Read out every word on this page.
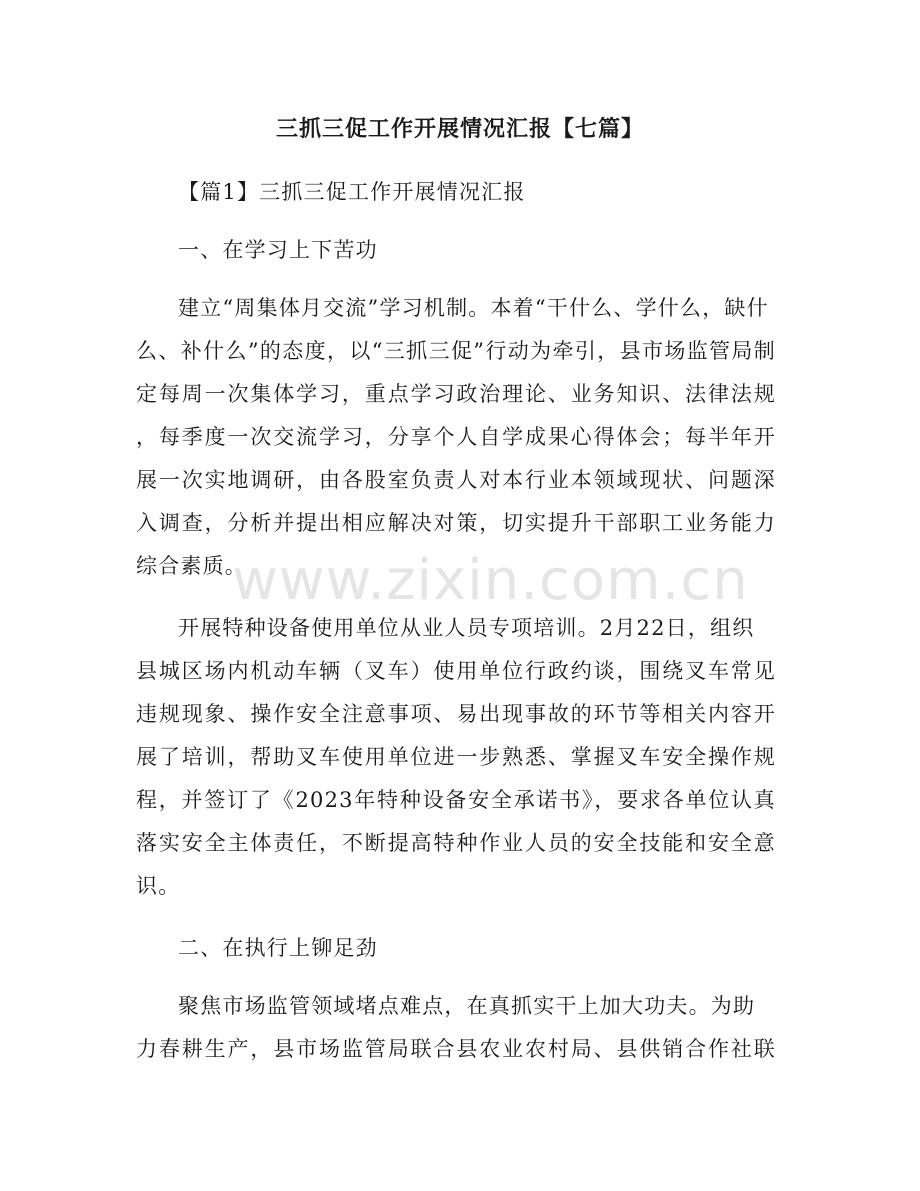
三抓三促工作开展情况汇报【七篇】
【篇1】三抓三促工作开展情况汇报
一、在学习上下苦功
建立“周集体月交流”学习机制。本着“干什么、学什么，缺什
么、补什么”的态度，以“三抓三促”行动为牵引，县市场监管局制
定每周一次集体学习，重点学习政治理论、业务知识、法律法规
，每季度一次交流学习，分享个人自学成果心得体会；每半年开
展一次实地调研，由各股室负责人对本行业本领域现状、问题深
入调查，分析并提出相应解决对策，切实提升干部职工业务能力
综合素质。
开展特种设备使用单位从业人员专项培训。2月22日，组织
县城区场内机动车辆（叉车）使用单位行政约谈，围绕叉车常见
违规现象、操作安全注意事项、易出现事故的环节等相关内容开
展了培训，帮助叉车使用单位进一步熟悉、掌握叉车安全操作规
程，并签订了《2023年特种设备安全承诺书》，要求各单位认真
落实安全主体责任，不断提高特种作业人员的安全技能和安全意
识。
二、在执行上铆足劲
聚焦市场监管领域堵点难点，在真抓实干上加大功夫。为助
力春耕生产，县市场监管局联合县农业农村局、县供销合作社联
www.zixin.com.cn
